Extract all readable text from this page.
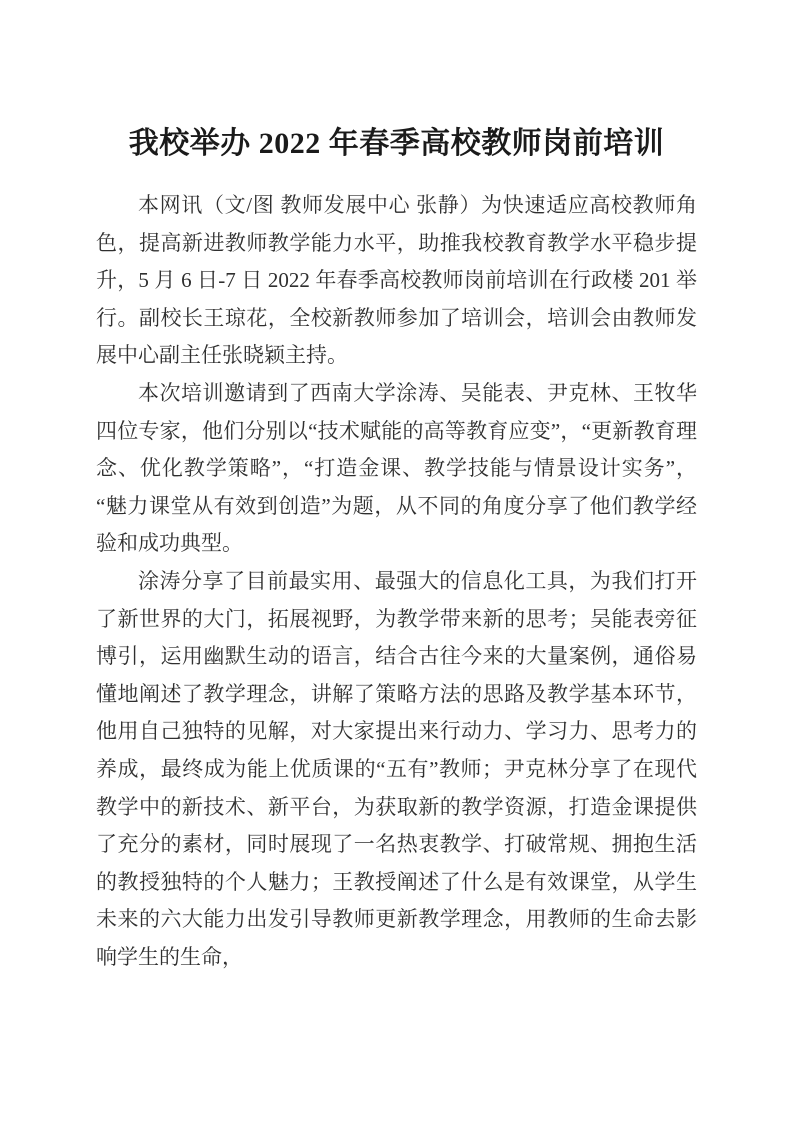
我校举办 2022 年春季高校教师岗前培训

本网讯（文/图 教师发展中心 张静）为快速适应高校教师角色，提高新进教师教学能力水平，助推我校教育教学水平稳步提升，5 月 6 日-7 日 2022 年春季高校教师岗前培训在行政楼 201 举行。副校长王琼花，全校新教师参加了培训会，培训会由教师发展中心副主任张晓颖主持。

本次培训邀请到了西南大学涂涛、吴能表、尹克林、王牧华四位专家，他们分别以“技术赋能的高等教育应变”，“更新教育理念、优化教学策略”，“打造金课、教学技能与情景设计实务”，“魅力课堂从有效到创造”为题，从不同的角度分享了他们教学经验和成功典型。

涂涛分享了目前最实用、最强大的信息化工具，为我们打开了新世界的大门，拓展视野，为教学带来新的思考；吴能表旁征博引，运用幽默生动的语言，结合古往今来的大量案例，通俗易懂地阐述了教学理念，讲解了策略方法的思路及教学基本环节，他用自己独特的见解，对大家提出来行动力、学习力、思考力的养成，最终成为能上优质课的“五有”教师；尹克林分享了在现代教学中的新技术、新平台，为获取新的教学资源，打造金课提供了充分的素材，同时展现了一名热衷教学、打破常规、拥抱生活的教授独特的个人魅力；王教授阐述了什么是有效课堂，从学生未来的六大能力出发引导教师更新教学理念，用教师的生命去影响学生的生命，
